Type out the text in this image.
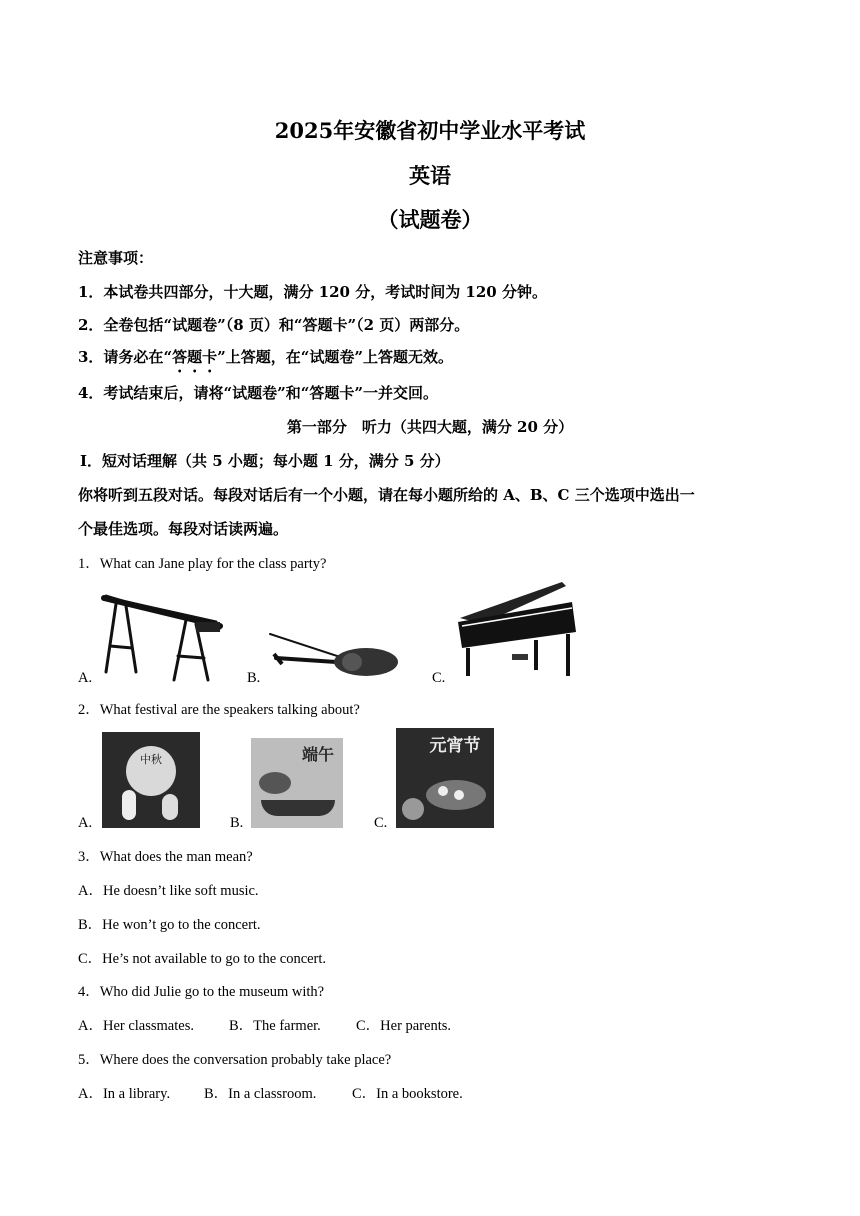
2025年安徽省初中学业水平考试
英语
（试题卷）
注意事项：
1．本试卷共四部分，十大题，满分 120 分，考试时间为 120 分钟。
2．全卷包括“试题卷”（8 页）和“答题卡”（2 页）两部分。
3．请务必在“答题卡”上答题，在“试题卷”上答题无效。
4．考试结束后，请将“试题卷”和“答题卡”一并交回。
第一部分　听力（共四大题，满分 20 分）
Ⅰ．短对话理解（共 5 小题；每小题 1 分，满分 5 分）
你将听到五段对话。每段对话后有一个小题，请在每小题所给的 A、B、C 三个选项中选出一
个最佳选项。每段对话读两遍。
1．What can Jane play for the class party?
A.	B.	C.
2．What festival are the speakers talking about?
A.
中秋
B.
端午
C.
元宵节
3．What does the man mean?
A．He doesn’t like soft music.
B．He won’t go to the concert.
C．He’s not available to go to the concert.
4．Who did Julie go to the museum with?
A．Her classmates. B．The farmer. C．Her parents.
5．Where does the conversation probably take place?
A．In a library. B．In a classroom. C．In a bookstore.
